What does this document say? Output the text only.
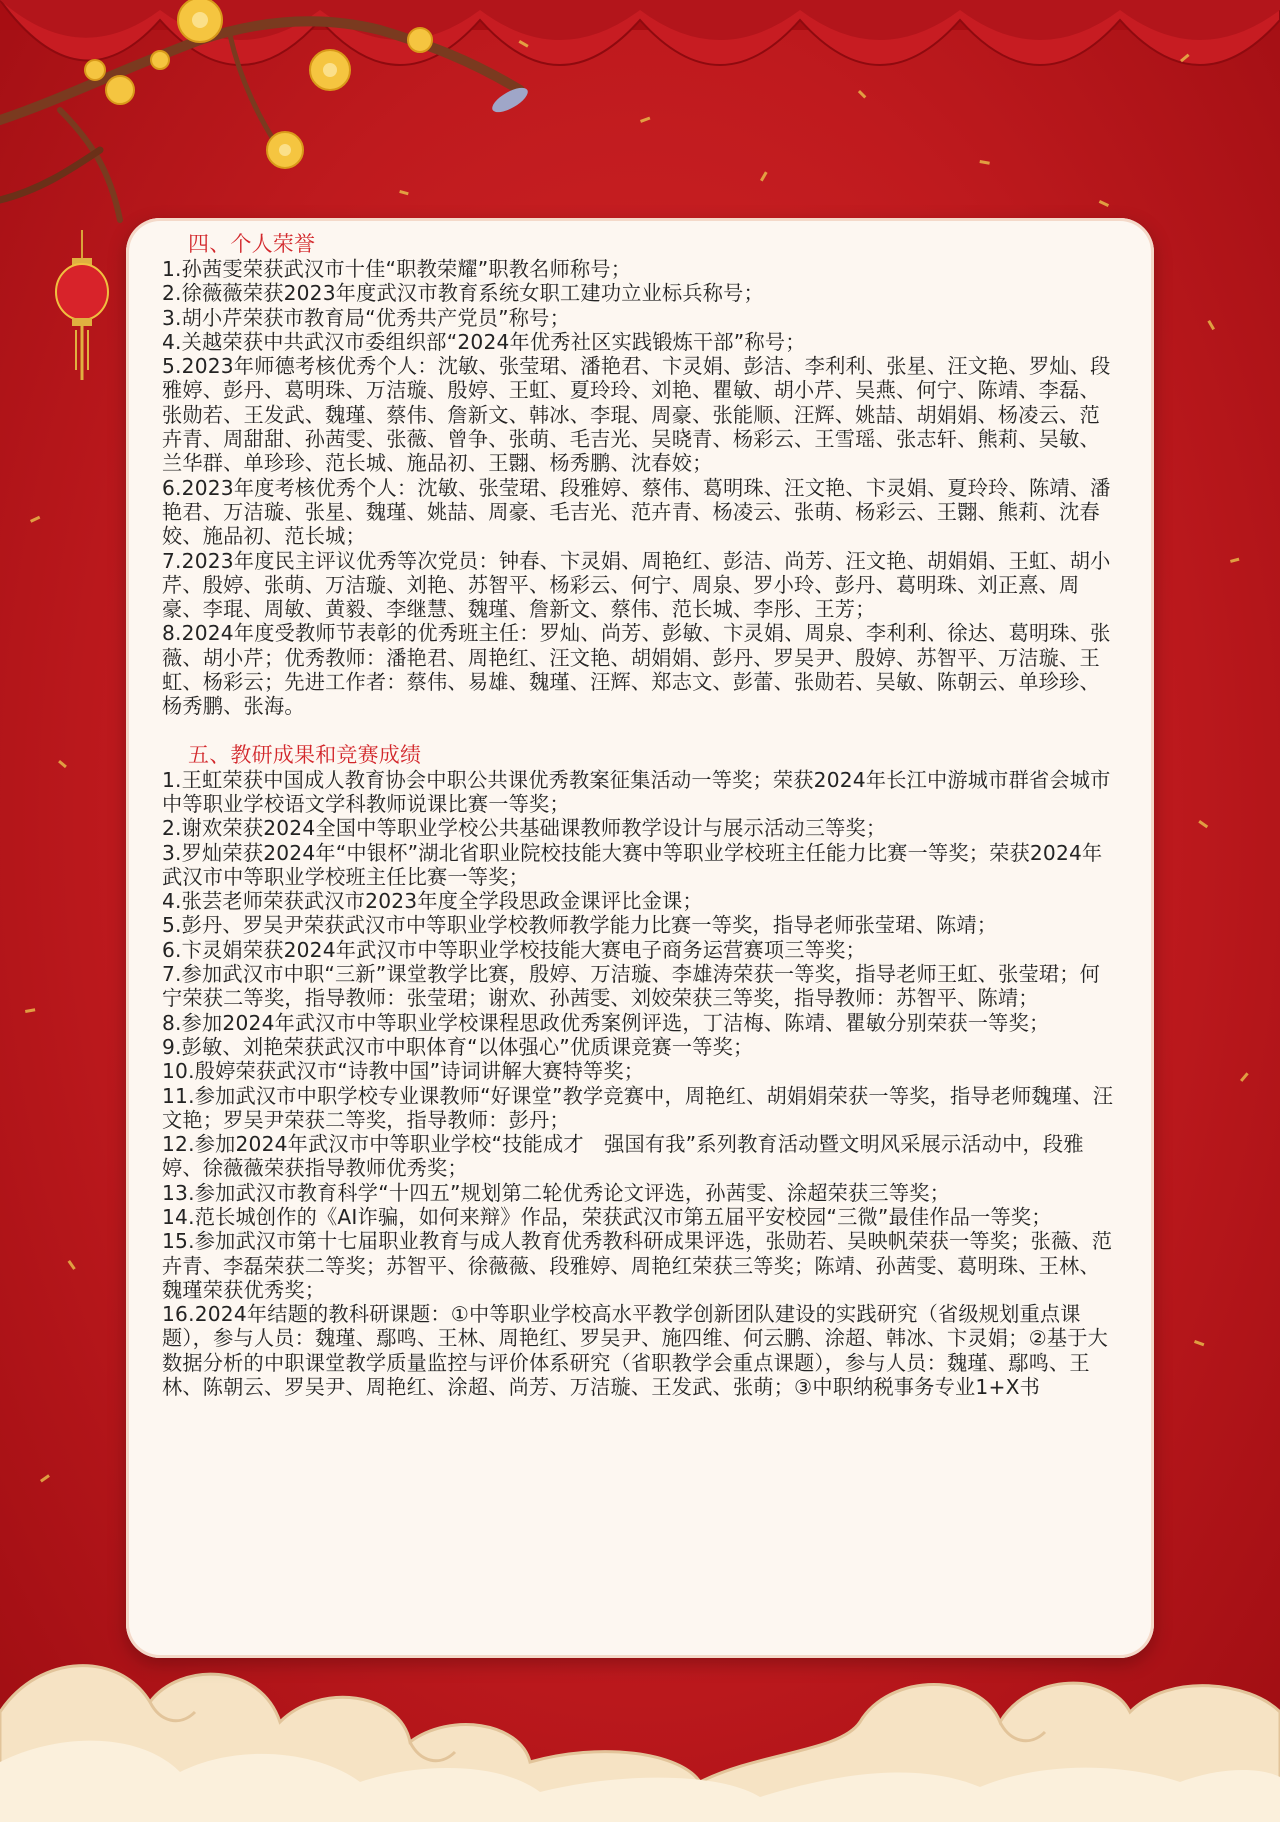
四、个人荣誉

1.孙茜雯荣获武汉市十佳“职教荣耀”职教名师称号；

2.徐薇薇荣获2023年度武汉市教育系统女职工建功立业标兵称号；

3.胡小芹荣获市教育局“优秀共产党员”称号；

4.关越荣获中共武汉市委组织部“2024年优秀社区实践锻炼干部”称号；

5.2023年师德考核优秀个人：沈敏、张莹珺、潘艳君、卞灵娟、彭洁、李利利、张星、汪文艳、罗灿、段雅婷、彭丹、葛明珠、万洁璇、殷婷、王虹、夏玲玲、刘艳、瞿敏、胡小芹、吴燕、何宁、陈靖、李磊、张勋若、王发武、魏瑾、蔡伟、詹新文、韩冰、李琨、周豪、张能顺、汪辉、姚喆、胡娟娟、杨凌云、范卉青、周甜甜、孙茜雯、张薇、曾争、张萌、毛吉光、吴晓青、杨彩云、王雪瑶、张志轩、熊莉、吴敏、兰华群、单珍珍、范长城、施品初、王翾、杨秀鹏、沈春姣；

6.2023年度考核优秀个人：沈敏、张莹珺、段雅婷、蔡伟、葛明珠、汪文艳、卞灵娟、夏玲玲、陈靖、潘艳君、万洁璇、张星、魏瑾、姚喆、周豪、毛吉光、范卉青、杨凌云、张萌、杨彩云、王翾、熊莉、沈春姣、施品初、范长城；

7.2023年度民主评议优秀等次党员：钟春、卞灵娟、周艳红、彭洁、尚芳、汪文艳、胡娟娟、王虹、胡小芹、殷婷、张萌、万洁璇、刘艳、苏智平、杨彩云、何宁、周泉、罗小玲、彭丹、葛明珠、刘正熹、周豪、李琨、周敏、黄毅、李继慧、魏瑾、詹新文、蔡伟、范长城、李彤、王芳；

8.2024年度受教师节表彰的优秀班主任：罗灿、尚芳、彭敏、卞灵娟、周泉、李利利、徐达、葛明珠、张薇、胡小芹；优秀教师：潘艳君、周艳红、汪文艳、胡娟娟、彭丹、罗吴尹、殷婷、苏智平、万洁璇、王虹、杨彩云；先进工作者：蔡伟、易雄、魏瑾、汪辉、郑志文、彭蕾、张勋若、吴敏、陈朝云、单珍珍、杨秀鹏、张海。

五、教研成果和竞赛成绩

1.王虹荣获中国成人教育协会中职公共课优秀教案征集活动一等奖；荣获2024年长江中游城市群省会城市中等职业学校语文学科教师说课比赛一等奖；

2.谢欢荣获2024全国中等职业学校公共基础课教师教学设计与展示活动三等奖；

3.罗灿荣获2024年“中银杯”湖北省职业院校技能大赛中等职业学校班主任能力比赛一等奖；荣获2024年武汉市中等职业学校班主任比赛一等奖；

4.张芸老师荣获武汉市2023年度全学段思政金课评比金课；

5.彭丹、罗吴尹荣获武汉市中等职业学校教师教学能力比赛一等奖，指导老师张莹珺、陈靖；

6.卞灵娟荣获2024年武汉市中等职业学校技能大赛电子商务运营赛项三等奖；

7.参加武汉市中职“三新”课堂教学比赛，殷婷、万洁璇、李雄涛荣获一等奖，指导老师王虹、张莹珺；何宁荣获二等奖，指导教师：张莹珺；谢欢、孙茜雯、刘姣荣获三等奖，指导教师：苏智平、陈靖；

8.参加2024年武汉市中等职业学校课程思政优秀案例评选，丁洁梅、陈靖、瞿敏分别荣获一等奖；

9.彭敏、刘艳荣获武汉市中职体育“以体强心”优质课竞赛一等奖；

10.殷婷荣获武汉市“诗教中国”诗词讲解大赛特等奖；

11.参加武汉市中职学校专业课教师“好课堂”教学竞赛中，周艳红、胡娟娟荣获一等奖，指导老师魏瑾、汪文艳；罗吴尹荣获二等奖，指导教师：彭丹；

12.参加2024年武汉市中等职业学校“技能成才　强国有我”系列教育活动暨文明风采展示活动中，段雅婷、徐薇薇荣获指导教师优秀奖；

13.参加武汉市教育科学“十四五”规划第二轮优秀论文评选，孙茜雯、涂超荣获三等奖；

14.范长城创作的《AI诈骗，如何来辩》作品，荣获武汉市第五届平安校园“三微”最佳作品一等奖；

15.参加武汉市第十七届职业教育与成人教育优秀教科研成果评选，张勋若、吴映帆荣获一等奖；张薇、范卉青、李磊荣获二等奖；苏智平、徐薇薇、段雅婷、周艳红荣获三等奖；陈靖、孙茜雯、葛明珠、王林、魏瑾荣获优秀奖；

16.2024年结题的教科研课题：①中等职业学校高水平教学创新团队建设的实践研究（省级规划重点课题），参与人员：魏瑾、鄢鸣、王林、周艳红、罗吴尹、施四维、何云鹏、涂超、韩冰、卞灵娟；②基于大数据分析的中职课堂教学质量监控与评价体系研究（省职教学会重点课题），参与人员：魏瑾、鄢鸣、王林、陈朝云、罗吴尹、周艳红、涂超、尚芳、万洁璇、王发武、张萌；③中职纳税事务专业1+X书
